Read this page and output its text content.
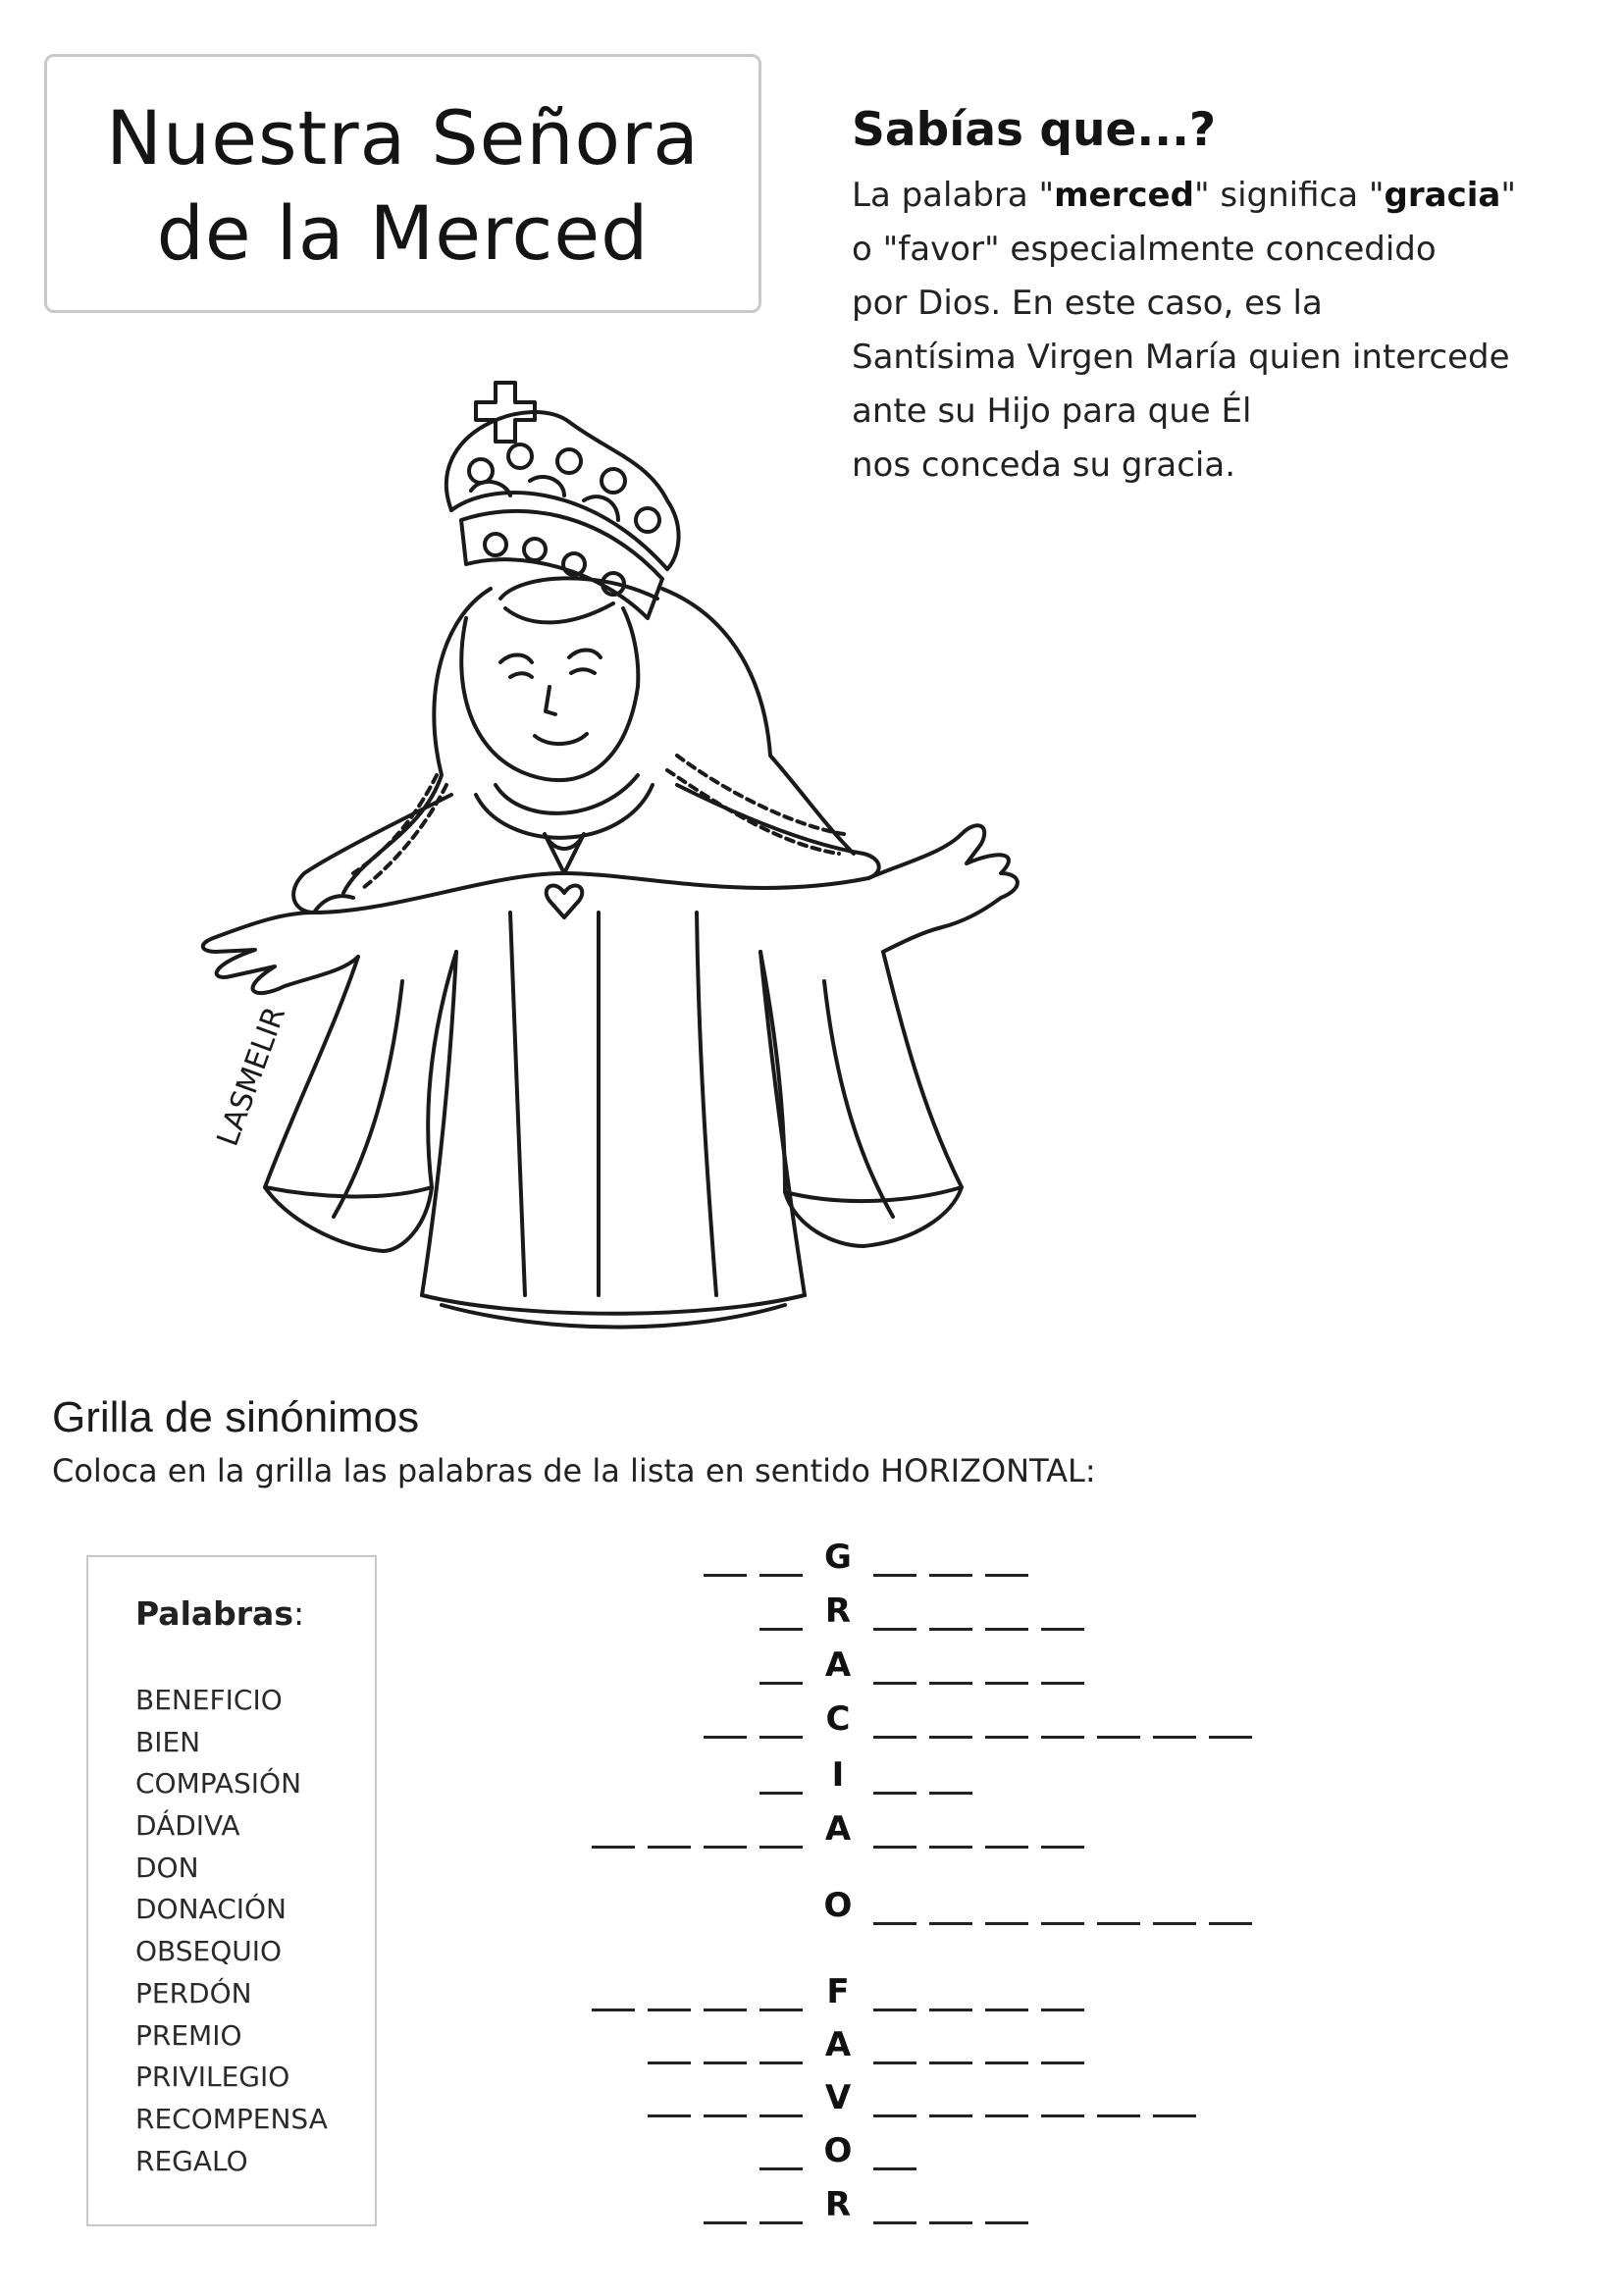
Nuestra Señora
de la Merced
Sabías que...?
La palabra "merced" significa "gracia"
o "favor" especialmente concedido
por Dios. En este caso, es la
Santísima Virgen María quien intercede
ante su Hijo para que Él
nos conceda su gracia.
LASMELIR
Grilla de sinónimos
Coloca en la grilla las palabras de la lista en sentido HORIZONTAL:
Palabras:
BENEFICIO
BIEN
COMPASIÓN
DÁDIVA
DON
DONACIÓN
OBSEQUIO
PERDÓN
PREMIO
PRIVILEGIO
RECOMPENSA
REGALO
G
R
A
C
I
A
O
F
A
V
O
R
